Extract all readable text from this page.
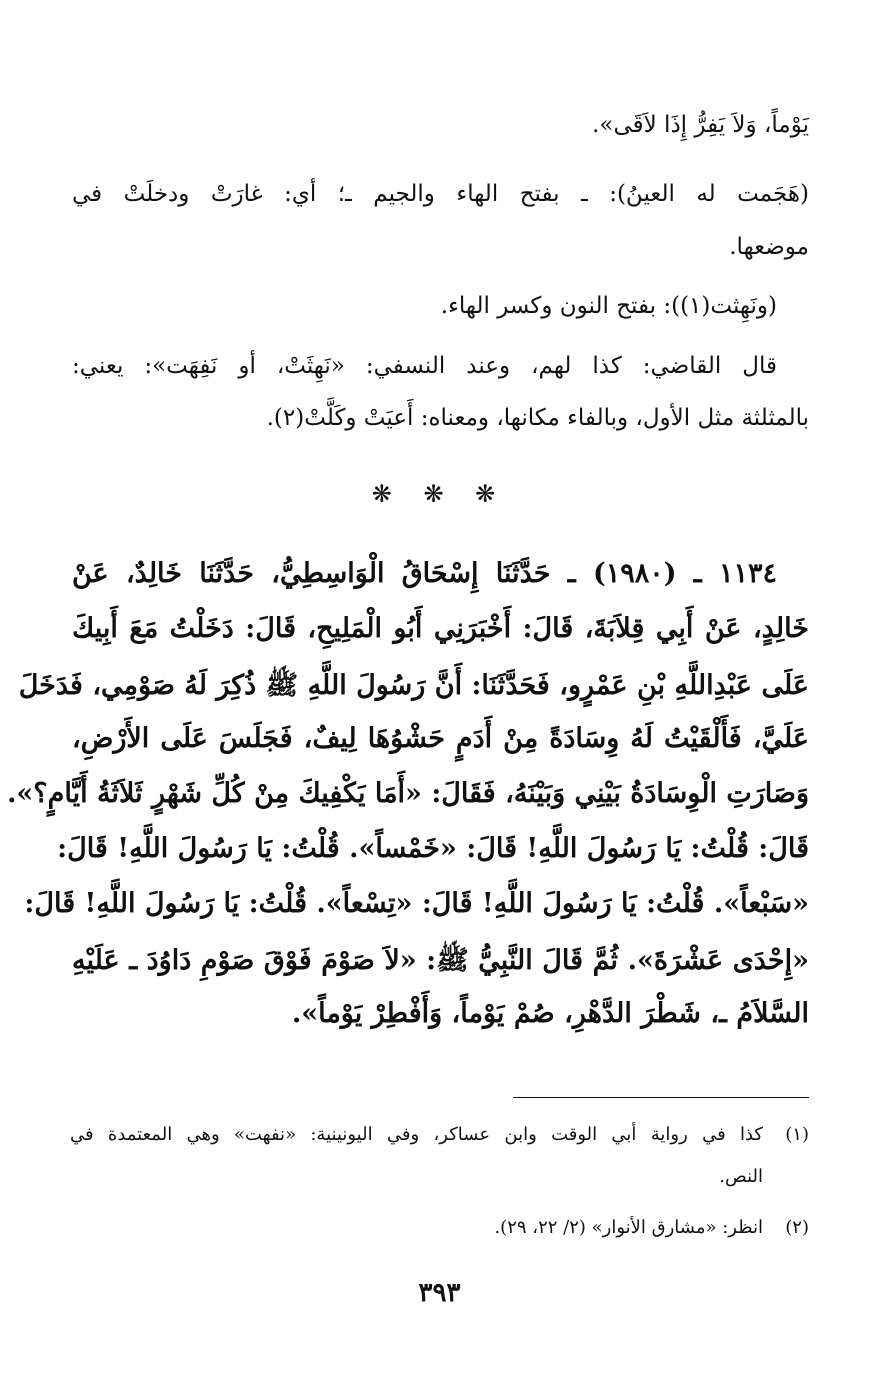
يَوْماً، وَلاَ يَفِرُّ إِذَا لاَقَى».
(هَجَمت له العينُ): ـ بفتح الهاء والجيم ـ؛ أي: غارَتْ ودخلَتْ في
موضعها.
(ونَهِثت(١)): بفتح النون وكسر الهاء.
قال القاضي: كذا لهم، وعند النسفي: «نَهِثَتْ، أو نَفِهَت»: يعني:
بالمثلثة مثل الأول، وبالفاء مكانها، ومعناه: أَعيَتْ وكَلَّتْ(٢).
❋ ❋ ❋
١١٣٤ ـ (١٩٨٠) ـ حَدَّثَنَا إِسْحَاقُ الْوَاسِطِيُّ، حَدَّثَنَا خَالِدٌ، عَنْ
خَالِدٍ، عَنْ أَبِي قِلاَبَةَ، قَالَ: أَخْبَرَنِي أَبُو الْمَلِيحِ، قَالَ: دَخَلْتُ مَعَ أَبِيكَ
عَلَى عَبْدِاللَّهِ بْنِ عَمْرٍو، فَحَدَّثَنَا: أَنَّ رَسُولَ اللَّهِ ﷺ ذُكِرَ لَهُ صَوْمِي، فَدَخَلَ
عَلَيَّ، فَأَلْقَيْتُ لَهُ وِسَادَةً مِنْ أَدَمٍ حَشْوُهَا لِيفٌ، فَجَلَسَ عَلَى الأَرْضِ،
وَصَارَتِ الْوِسَادَةُ بَيْنِي وَبَيْنَهُ، فَقَالَ: «أَمَا يَكْفِيكَ مِنْ كُلِّ شَهْرٍ ثَلاَثَةُ أَيَّامٍ؟».
قَالَ: قُلْتُ: يَا رَسُولَ اللَّهِ! قَالَ: «خَمْساً». قُلْتُ: يَا رَسُولَ اللَّهِ! قَالَ:
«سَبْعاً». قُلْتُ: يَا رَسُولَ اللَّهِ! قَالَ: «تِسْعاً». قُلْتُ: يَا رَسُولَ اللَّهِ! قَالَ:
«إِحْدَى عَشْرَةَ». ثُمَّ قَالَ النَّبِيُّ ﷺ: «لاَ صَوْمَ فَوْقَ صَوْمِ دَاوُدَ ـ عَلَيْهِ
السَّلاَمُ ـ، شَطْرَ الدَّهْرِ، صُمْ يَوْماً، وَأَفْطِرْ يَوْماً».
(١)
كذا في رواية أبي الوقت وابن عساكر، وفي اليونينية: «نفهت» وهي المعتمدة في
النص.
(٢)
انظر: «مشارق الأنوار» (٢/ ٢٢، ٢٩).
٣٩٣
